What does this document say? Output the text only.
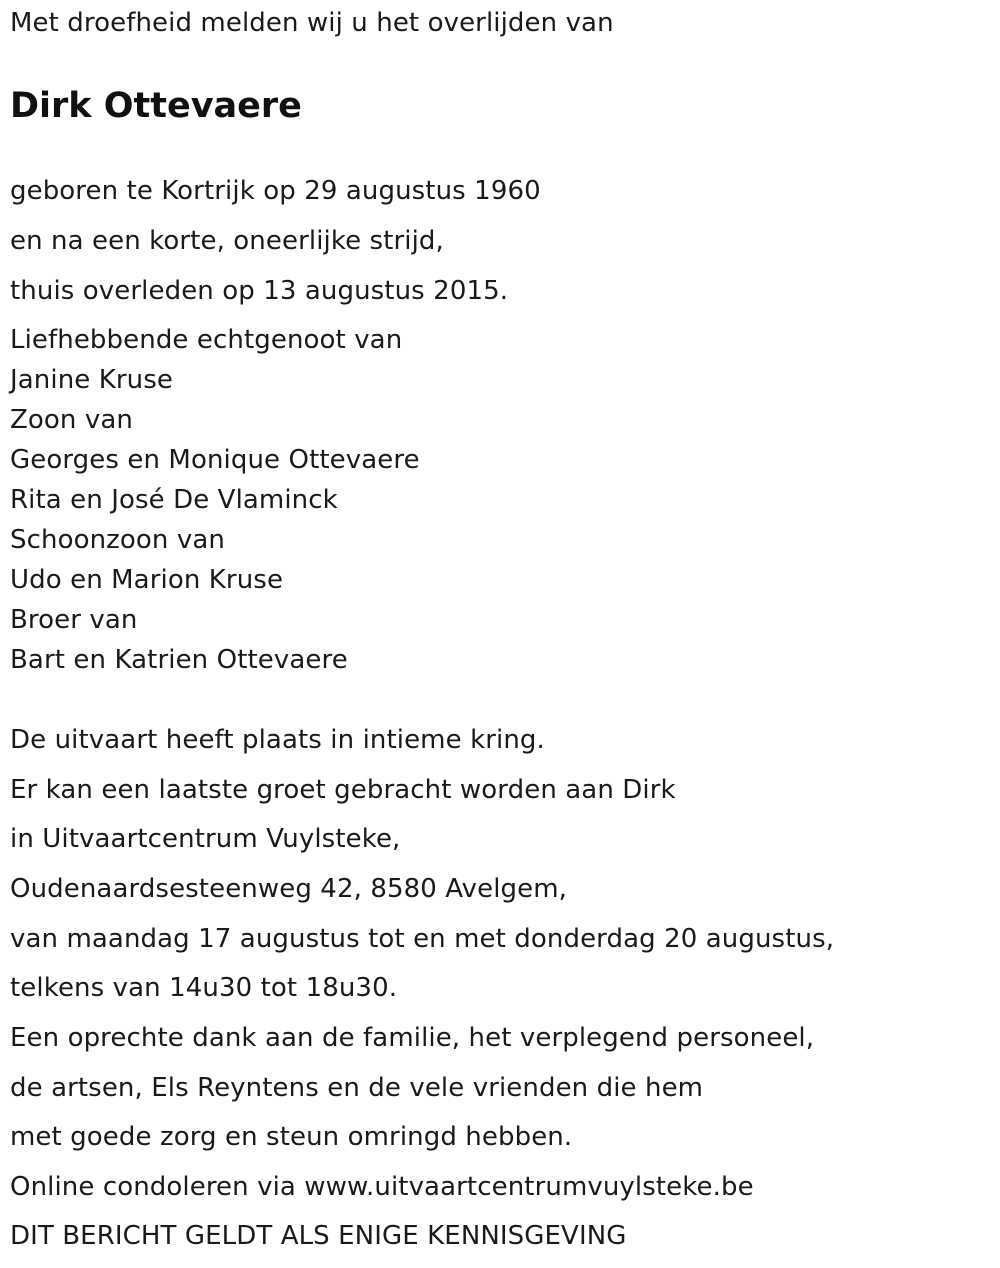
Met droefheid melden wij u het overlijden van

Dirk Ottevaere

geboren te Kortrijk op 29 augustus 1960

en na een korte, oneerlijke strijd,

thuis overleden op 13 augustus 2015.

Liefhebbende echtgenoot van

Janine Kruse

Zoon van

Georges en Monique Ottevaere

Rita en José De Vlaminck

Schoonzoon van

Udo en Marion Kruse

Broer van

Bart en Katrien Ottevaere

De uitvaart heeft plaats in intieme kring.

Er kan een laatste groet gebracht worden aan Dirk

in Uitvaartcentrum Vuylsteke,

Oudenaardsesteenweg 42, 8580 Avelgem,

van maandag 17 augustus tot en met donderdag 20 augustus,

telkens van 14u30 tot 18u30.

Een oprechte dank aan de familie, het verplegend personeel,

de artsen, Els Reyntens en de vele vrienden die hem

met goede zorg en steun omringd hebben.

Online condoleren via www.uitvaartcentrumvuylsteke.be

DIT BERICHT GELDT ALS ENIGE KENNISGEVING
